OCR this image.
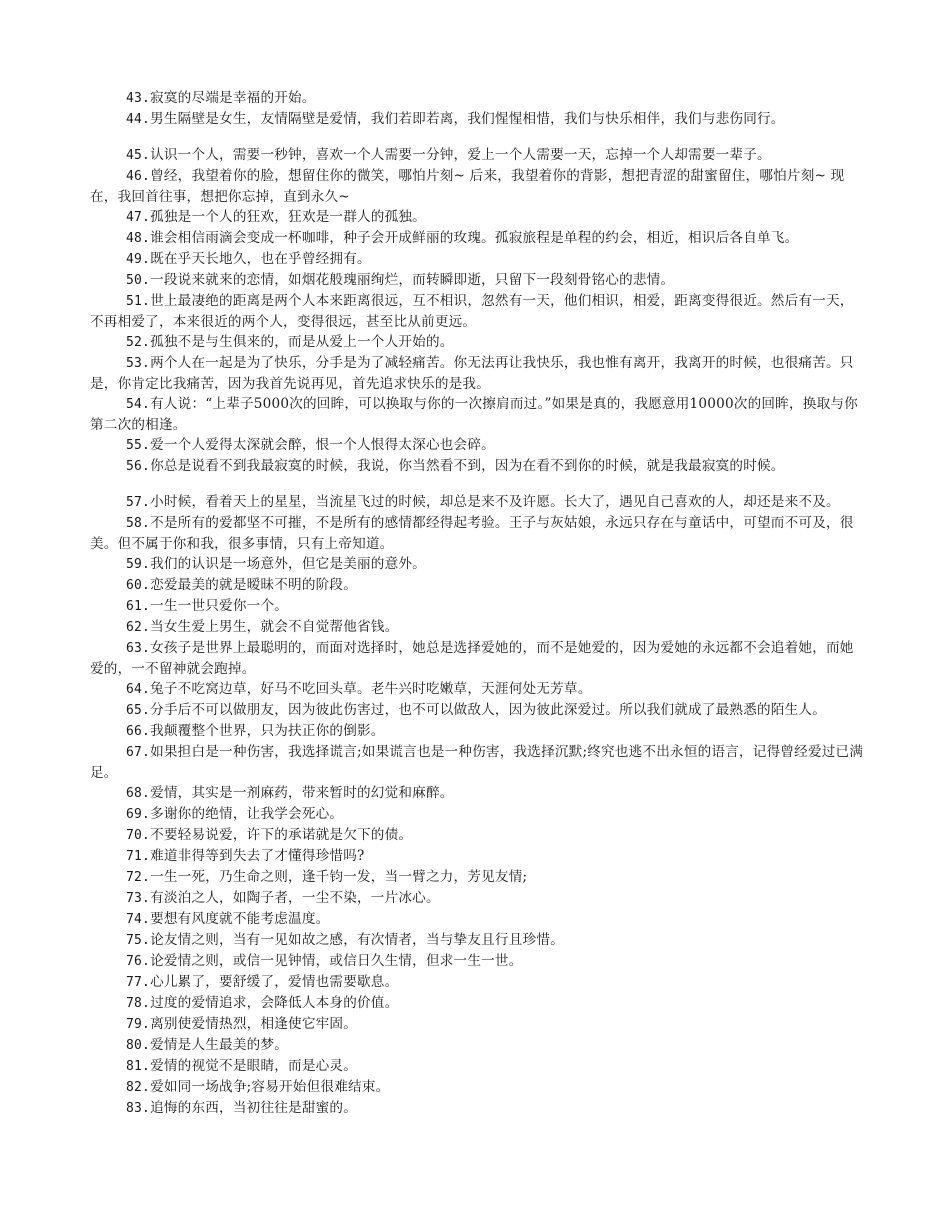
43.寂寞的尽端是幸福的开始。

44.男生隔壁是女生，友情隔壁是爱情，我们若即若离，我们惺惺相惜，我们与快乐相伴，我们与悲伤同行。

45.认识一个人，需要一秒钟，喜欢一个人需要一分钟，爱上一个人需要一天，忘掉一个人却需要一辈子。

46.曾经，我望着你的脸，想留住你的微笑，哪怕片刻~ 后来，我望着你的背影，想把青涩的甜蜜留住，哪怕片刻~ 现在，我回首往事，想把你忘掉，直到永久~

47.孤独是一个人的狂欢，狂欢是一群人的孤独。

48.谁会相信雨滴会变成一杯咖啡，种子会开成鲜丽的玫瑰。孤寂旅程是单程的约会，相近，相识后各自单飞。

49.既在乎天长地久，也在乎曾经拥有。

50.一段说来就来的恋情，如烟花般瑰丽绚烂，而转瞬即逝，只留下一段刻骨铭心的悲情。

51.世上最凄绝的距离是两个人本来距离很远，互不相识，忽然有一天，他们相识，相爱，距离变得很近。然后有一天，不再相爱了，本来很近的两个人，变得很远，甚至比从前更远。

52.孤独不是与生俱来的，而是从爱上一个人开始的。

53.两个人在一起是为了快乐，分手是为了减轻痛苦。你无法再让我快乐，我也惟有离开，我离开的时候，也很痛苦。只是，你肯定比我痛苦，因为我首先说再见，首先追求快乐的是我。

54.有人说：“上辈子5000次的回眸，可以换取与你的一次擦肩而过。”如果是真的，我愿意用10000次的回眸，换取与你第二次的相逢。

55.爱一个人爱得太深就会醉，恨一个人恨得太深心也会碎。

56.你总是说看不到我最寂寞的时候，我说，你当然看不到，因为在看不到你的时候，就是我最寂寞的时候。

57.小时候，看着天上的星星，当流星飞过的时候，却总是来不及许愿。长大了，遇见自己喜欢的人，却还是来不及。

58.不是所有的爱都坚不可摧，不是所有的感情都经得起考验。王子与灰姑娘，永远只存在与童话中，可望而不可及，很美。但不属于你和我，很多事情，只有上帝知道。

59.我们的认识是一场意外，但它是美丽的意外。

60.恋爱最美的就是暧昧不明的阶段。

61.一生一世只爱你一个。

62.当女生爱上男生，就会不自觉帮他省钱。

63.女孩子是世界上最聪明的，而面对选择时，她总是选择爱她的，而不是她爱的，因为爱她的永远都不会追着她，而她爱的，一不留神就会跑掉。

64.兔子不吃窝边草，好马不吃回头草。老牛兴时吃嫩草，天涯何处无芳草。

65.分手后不可以做朋友，因为彼此伤害过，也不可以做敌人，因为彼此深爱过。所以我们就成了最熟悉的陌生人。

66.我颠覆整个世界，只为扶正你的倒影。

67.如果担白是一种伤害，我选择谎言;如果谎言也是一种伤害，我选择沉默;终究也逃不出永恒的语言，记得曾经爱过已满足。

68.爱情，其实是一剂麻药，带来暂时的幻觉和麻醉。

69.多谢你的绝情，让我学会死心。

70.不要轻易说爱，许下的承诺就是欠下的债。

71.难道非得等到失去了才懂得珍惜吗?

72.一生一死，乃生命之则，逢千钧一发，当一臂之力，芳见友情;

73.有淡泊之人，如陶子者，一尘不染，一片冰心。

74.要想有风度就不能考虑温度。

75.论友情之则，当有一见如故之感，有次情者，当与挚友且行且珍惜。

76.论爱情之则，或信一见钟情，或信日久生情，但求一生一世。

77.心儿累了，要舒缓了，爱情也需要歇息。

78.过度的爱情追求，会降低人本身的价值。

79.离别使爱情热烈，相逢使它牢固。

80.爱情是人生最美的梦。

81.爱情的视觉不是眼睛，而是心灵。

82.爱如同一场战争;容易开始但很难结束。

83.追悔的东西，当初往往是甜蜜的。
